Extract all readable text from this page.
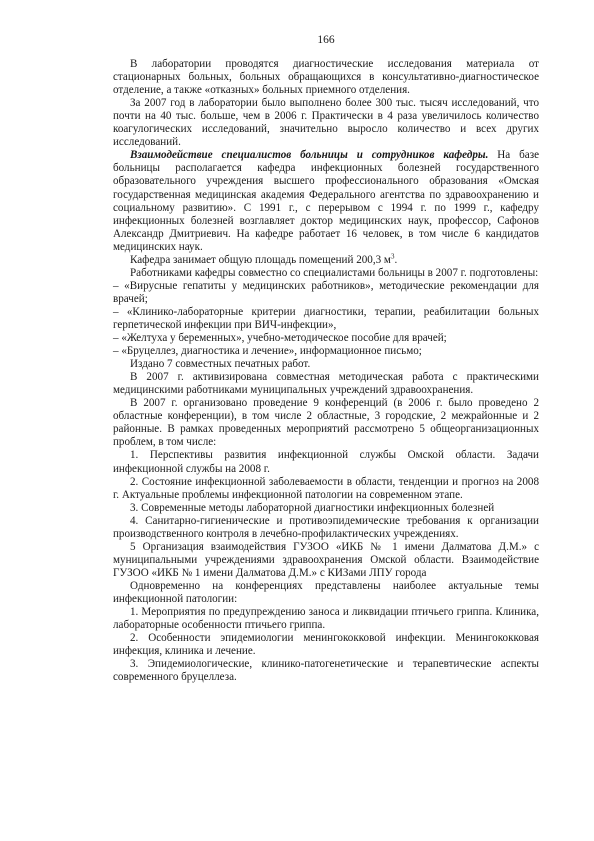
166

В лаборатории проводятся диагностические исследования материала от стационарных больных, больных обращающихся в консультативно-диагностическое отделение, а также «отказных» больных приемного отделения.

За 2007 год в лаборатории было выполнено более 300 тыс. тысяч исследований, что почти на 40 тыс. больше, чем в 2006 г. Практически в 4 раза увеличилось количество коагулогических исследований, значительно выросло количество и всех других исследований.

Взаимодействие специалистов больницы и сотрудников кафедры. На базе больницы располагается кафедра инфекционных болезней государственного образовательного учреждения высшего профессионального образования «Омская государственная медицинская академия Федерального агентства по здравоохранению и социальному развитию». С 1991 г., с перерывом с 1994 г. по 1999 г., кафедру инфекционных болезней возглавляет доктор медицинских наук, профессор, Сафонов Александр Дмитриевич. На кафедре работает 16 человек, в том числе 6 кандидатов медицинских наук.

Кафедра занимает общую площадь помещений 200,3 $м^3$.

Работниками кафедры совместно со специалистами больницы в 2007 г. подготовлены:

– «Вирусные гепатиты у медицинских работников», методические рекомендации для врачей;

– «Клинико-лабораторные критерии диагностики, терапии, реабилитации больных герпетической инфекции при ВИЧ-инфекции»,

– «Желтуха у беременных», учебно-методическое пособие для врачей;

– «Бруцеллез, диагностика и лечение», информационное письмо;

Издано 7 совместных печатных работ.

В 2007 г. активизирована совместная методическая работа с практическими медицинскими работниками муниципальных учреждений здравоохранения.

В 2007 г. организовано проведение 9 конференций (в 2006 г. было проведено 2 областные конференции), в том числе 2 областные, 3 городские, 2 межрайонные и 2 районные. В рамках проведенных мероприятий рассмотрено 5 общеорганизационных проблем, в том числе:

1. Перспективы развития инфекционной службы Омской области. Задачи инфекционной службы на 2008 г.

2. Состояние инфекционной заболеваемости в области, тенденции и прогноз на 2008 г. Актуальные проблемы инфекционной патологии на современном этапе.

3. Современные методы лабораторной диагностики инфекционных болезней

4. Санитарно-гигиенические и противоэпидемические требования к организации производственного контроля в лечебно-профилактических учреждениях.

5 Организация взаимодействия ГУЗОО «ИКБ № 1 имени Далматова Д.М.» с муниципальными учреждениями здравоохранения Омской области. Взаимодействие ГУЗОО «ИКБ № 1 имени Далматова Д.М.» с КИЗами ЛПУ города

Одновременно на конференциях представлены наиболее актуальные темы инфекционной патологии:

1. Мероприятия по предупреждению заноса и ликвидации птичьего гриппа. Клиника, лабораторные особенности птичьего гриппа.

2. Особенности эпидемиологии менингококковой инфекции. Менингококковая инфекция, клиника и лечение.

3. Эпидемиологические, клинико-патогенетические и терапевтические аспекты современного бруцеллеза.
